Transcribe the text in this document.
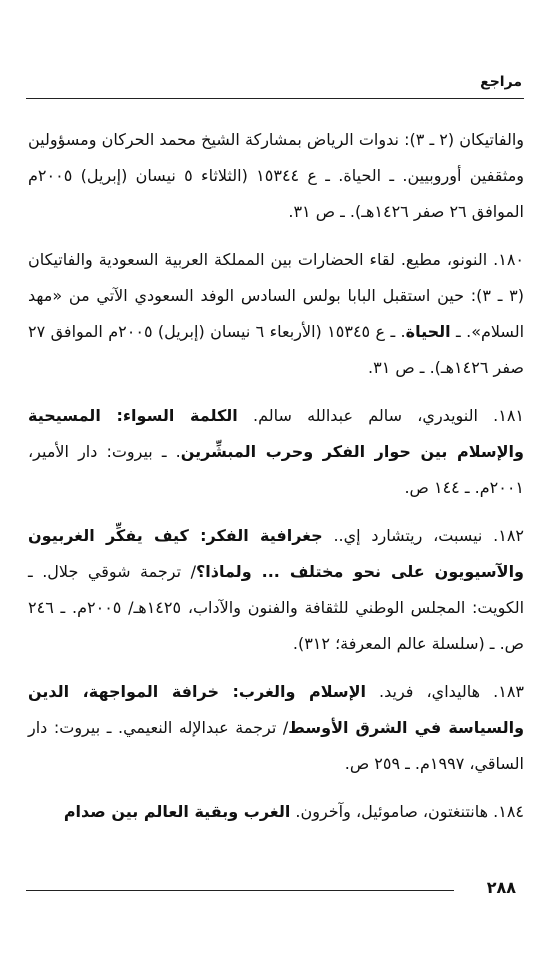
مراجع

والفاتيكان (٢ ـ ٣): ندوات الرياض بمشاركة الشيخ محمد الحركان ومسؤولين ومثقفين أوروبيين. ـ الحياة. ـ ع ١٥٣٤٤ (الثلاثاء ٥ نيسان (إبريل) ٢٠٠٥م الموافق ٢٦ صفر ١٤٢٦هـ). ـ ص ٣١.

١٨٠. النونو، مطيع. لقاء الحضارات بين المملكة العربية السعودية والفاتيكان (٣ ـ ٣): حين استقبل البابا بولس السادس الوفد السعودي الآتي من «مهد السلام». ـ الحياة. ـ ع ١٥٣٤٥ (الأربعاء ٦ نيسان (إبريل) ٢٠٠٥م الموافق ٢٧ صفر ١٤٢٦هـ). ـ ص ٣١.

١٨١. النويدري، سالم عبدالله سالم. الكلمة السواء: المسيحية والإسلام بين حوار الفكر وحرب المبشِّرين. ـ بيروت: دار الأمير، ٢٠٠١م. ـ ١٤٤ ص.

١٨٢. نيسبت، ريتشارد إي.. جغرافية الفكر: كيف يفكِّر الغربيون والآسيويون على نحو مختلف ... ولماذا؟/ ترجمة شوقي جلال. ـ الكويت: المجلس الوطني للثقافة والفنون والآداب، ١٤٢٥هـ/ ٢٠٠٥م. ـ ٢٤٦ ص. ـ (سلسلة عالم المعرفة؛ ٣١٢).

١٨٣. هاليداي، فريد. الإسلام والغرب: خرافة المواجهة، الدين والسياسة في الشرق الأوسط/ ترجمة عبدالإله النعيمي. ـ بيروت: دار الساقي، ١٩٩٧م. ـ ٢٥٩ ص.

١٨٤. هانتنغتون، صاموئيل، وآخرون. الغرب وبقية العالم بين صدام

٢٨٨
